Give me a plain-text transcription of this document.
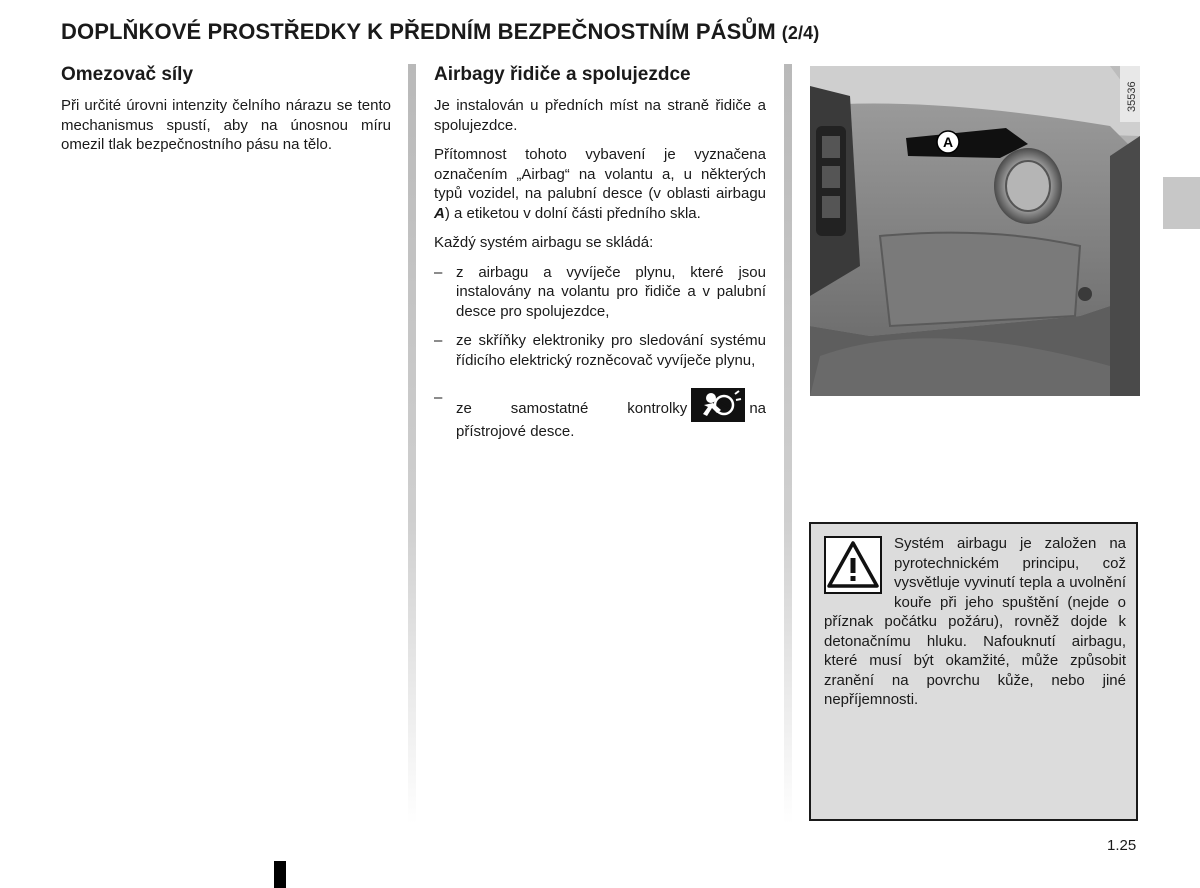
DOPLŇKOVÉ PROSTŘEDKY K PŘEDNÍM BEZPEČNOSTNÍM PÁSŮM (2/4)
Omezovač síly

Při určité úrovni intenzity čelního nárazu se tento mechanismus spustí, aby na únosnou míru omezil tlak bezpečnostního pásu na tělo.

Airbagy řidiče a spolujezdce

Je instalován u předních míst na straně řidiče a spolujezdce.

Přítomnost tohoto vybavení je vyznačena označením „Airbag“ na volantu a, u některých typů vozidel, na palubní desce (v oblasti airbagu A) a etiketou v dolní části předního skla.

Každý systém airbagu se skládá:

– z airbagu a vyvíječe plynu, které jsou instalovány na volantu pro řidiče a v palubní desce pro spolujezdce,
– ze skříňky elektroniky pro sledování systému řídicího elektrický rozněcovač vyvíječe plynu,
–
ze samostatné kontrolky	na přístrojové desce.
A
35536

Systém airbagu je založen na pyrotechnickém principu, což vysvětluje vyvinutí tepla a uvolnění kouře při jeho spuštění (nejde o příznak počátku požáru), rovněž dojde k detonačnímu hluku. Nafouknutí airbagu, které musí být okamžité, může způsobit zranění na povrchu kůže, nebo jiné nepříjemnosti.

1.25
